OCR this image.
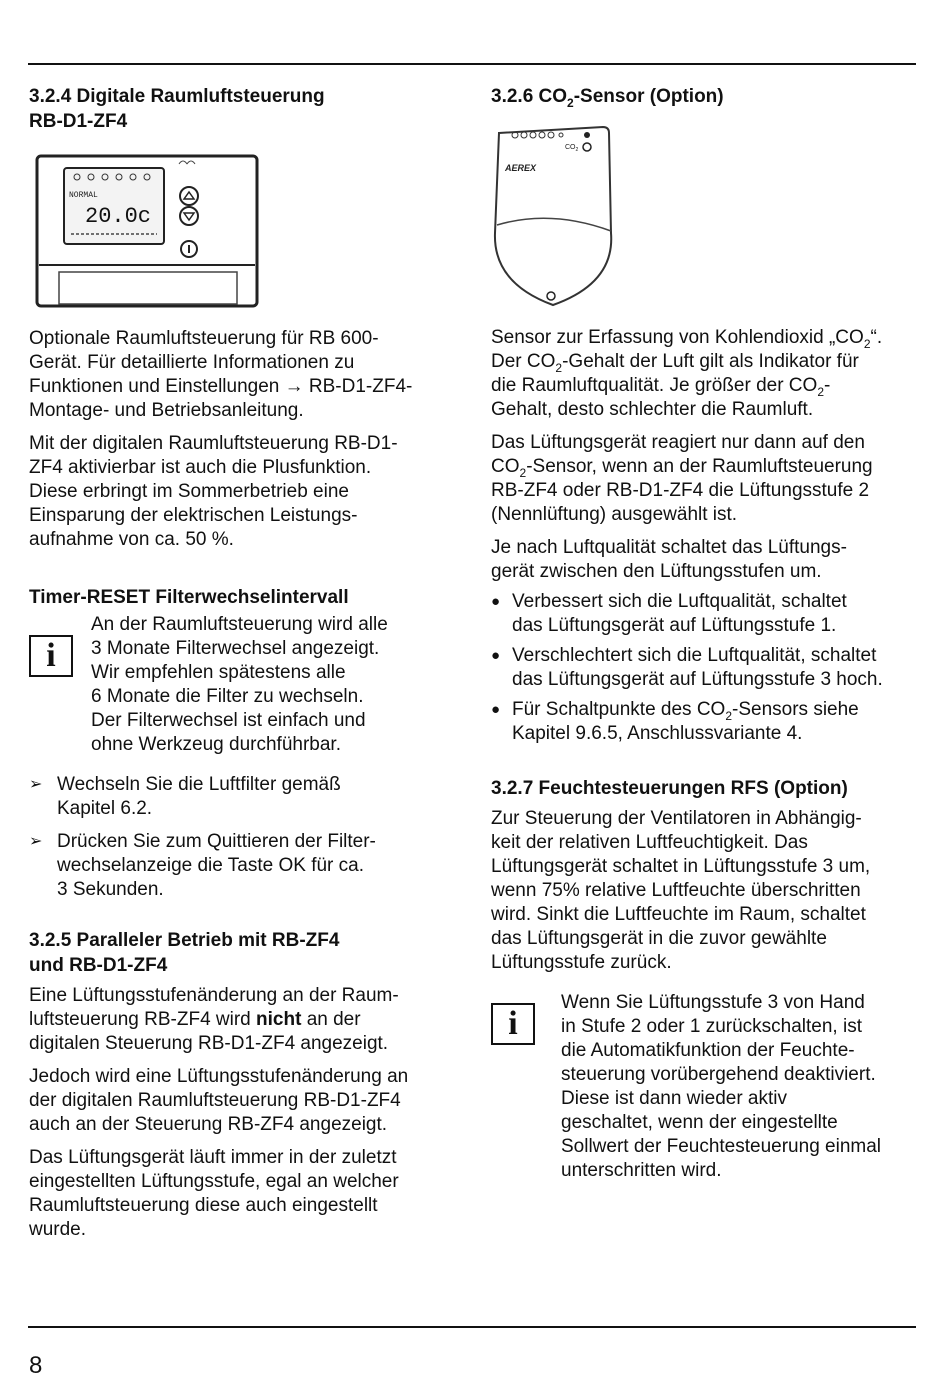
3.2.4 Digitale Raumluftsteuerung
RB-D1-ZF4
NORMAL
20.0c

Optionale Raumluftsteuerung für RB 600-

Gerät. Für detaillierte Informationen zu

Funktionen und Einstellungen → RB-D1-ZF4-

Montage- und Betriebsanleitung.

Mit der digitalen Raumluftsteuerung RB-D1-

ZF4 aktivierbar ist auch die Plusfunktion.

Diese erbringt im Sommerbetrieb eine

Einsparung der elektrischen Leistungs-

aufnahme von ca. 50 %.

Timer-RESET Filterwechselintervall
i

An der Raumluftsteuerung wird alle

3 Monate Filterwechsel angezeigt.

Wir empfehlen spätestens alle

6 Monate die Filter zu wechseln.

Der Filterwechsel ist einfach und

ohne Werkzeug durchführbar.

➢ Wechseln Sie die Luftfilter gemäß
Kapitel 6.2.
➢ Drücken Sie zum Quittieren der Filter-
wechselanzeige die Taste OK für ca.
3 Sekunden.
3.2.5 Paralleler Betrieb mit RB-ZF4
und RB-D1-ZF4

Eine Lüftungsstufenänderung an der Raum-

luftsteuerung RB-ZF4 wird nicht an der

digitalen Steuerung RB-D1-ZF4 angezeigt.

Jedoch wird eine Lüftungsstufenänderung an

der digitalen Raumluftsteuerung RB-D1-ZF4

auch an der Steuerung RB-ZF4 angezeigt.

Das Lüftungsgerät läuft immer in der zuletzt

eingestellten Lüftungsstufe, egal an welcher

Raumluftsteuerung diese auch eingestellt

wurde.

3.2.6 $CO_2$-Sensor (Option)
$CO_2$
AEREX

Sensor zur Erfassung von Kohlendioxid $„CO_2“$.

Der $CO_2$-Gehalt der Luft gilt als Indikator für

die Raumluftqualität. Je größer der $CO_2-$

Gehalt, desto schlechter die Raumluft.

Das Lüftungsgerät reagiert nur dann auf den

$CO_2$-Sensor, wenn an der Raumluftsteuerung

RB-ZF4 oder RB-D1-ZF4 die Lüftungsstufe 2

(Nennlüftung) ausgewählt ist.

Je nach Luftqualität schaltet das Lüftungs-

gerät zwischen den Lüftungsstufen um.

● Verbessert sich die Luftqualität, schaltet
das Lüftungsgerät auf Lüftungsstufe 1.
● Verschlechtert sich die Luftqualität, schaltet
das Lüftungsgerät auf Lüftungsstufe 3 hoch.
● Für Schaltpunkte des $CO_2$-Sensors siehe
Kapitel 9.6.5, Anschlussvariante 4.
3.2.7 Feuchtesteuerungen RFS (Option)

Zur Steuerung der Ventilatoren in Abhängig-

keit der relativen Luftfeuchtigkeit. Das

Lüftungsgerät schaltet in Lüftungsstufe 3 um,

wenn 75% relative Luftfeuchte überschritten

wird. Sinkt die Luftfeuchte im Raum, schaltet

das Lüftungsgerät in die zuvor gewählte

Lüftungsstufe zurück.

i

Wenn Sie Lüftungsstufe 3 von Hand

in Stufe 2 oder 1 zurückschalten, ist

die Automatikfunktion der Feuchte-

steuerung vorübergehend deaktiviert.

Diese ist dann wieder aktiv

geschaltet, wenn der eingestellte

Sollwert der Feuchtesteuerung einmal

unterschritten wird.

8
